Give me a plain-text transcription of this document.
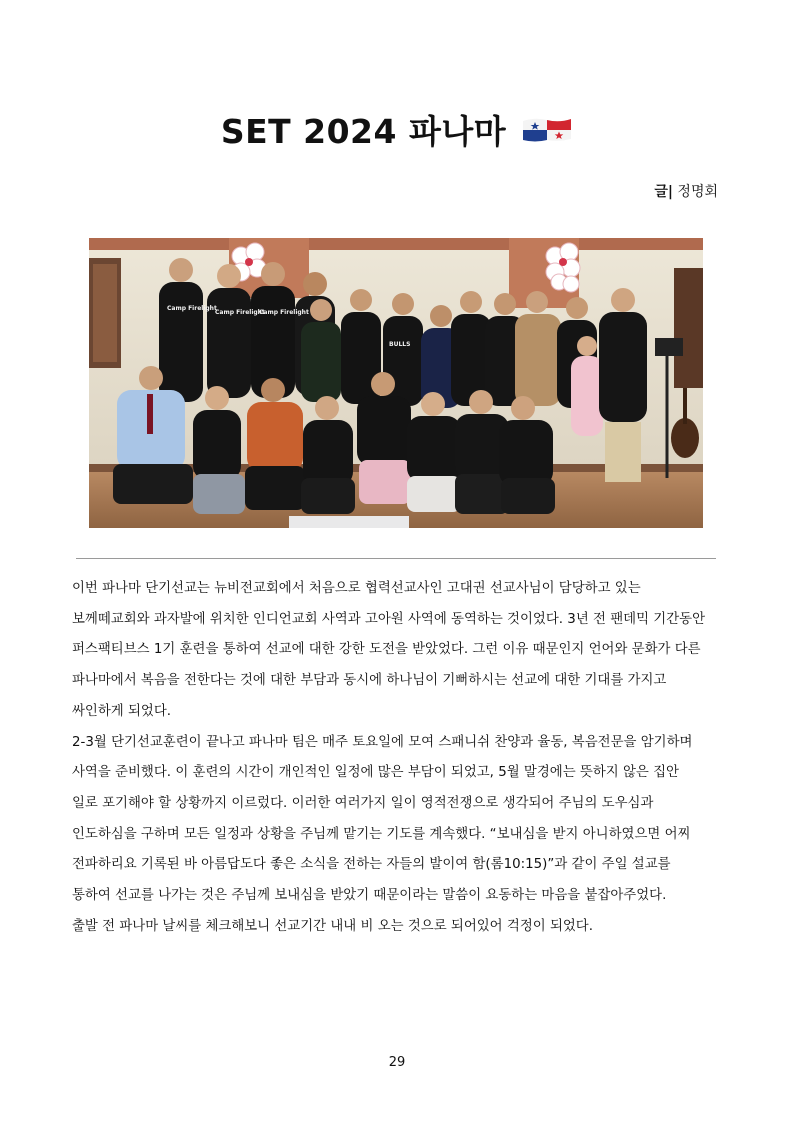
SET 2024 파나마
글| 정명회
Camp Firelight
Camp Firelight
Camp Firelight
BULLS

이번 파나마 단기선교는 뉴비전교회에서 처음으로 협력선교사인 고대권 선교사님이 담당하고 있는

보께떼교회와 과자발에 위치한 인디언교회 사역과 고아원 사역에 동역하는 것이었다. 3년 전 팬데믹 기간동안

퍼스팩티브스 1기 훈련을 통하여 선교에 대한 강한 도전을 받았었다. 그런 이유 때문인지 언어와 문화가 다른

파나마에서 복음을 전한다는 것에 대한 부담과 동시에 하나님이 기뻐하시는 선교에 대한 기대를 가지고

싸인하게 되었다.

2-3월 단기선교훈련이 끝나고 파나마 팀은 매주 토요일에 모여 스패니쉬 찬양과 율동, 복음전문을 암기하며

사역을 준비했다. 이 훈련의 시간이 개인적인 일정에 많은 부담이 되었고, 5월 말경에는 뜻하지 않은 집안

일로 포기해야 할 상황까지 이르렀다. 이러한 여러가지 일이 영적전쟁으로 생각되어 주님의 도우심과

인도하심을 구하며 모든 일정과 상황을 주님께 맡기는 기도를 계속했다. “보내심을 받지 아니하였으면 어찌

전파하리요 기록된 바 아름답도다 좋은 소식을 전하는 자들의 발이여 함(롬10:15)”과 같이 주일 설교를

통하여 선교를 나가는 것은 주님께 보내심을 받았기 때문이라는 말씀이 요동하는 마음을 붙잡아주었다.

출발 전 파나마 날씨를 체크해보니 선교기간 내내 비 오는 것으로 되어있어 걱정이 되었다.

29
